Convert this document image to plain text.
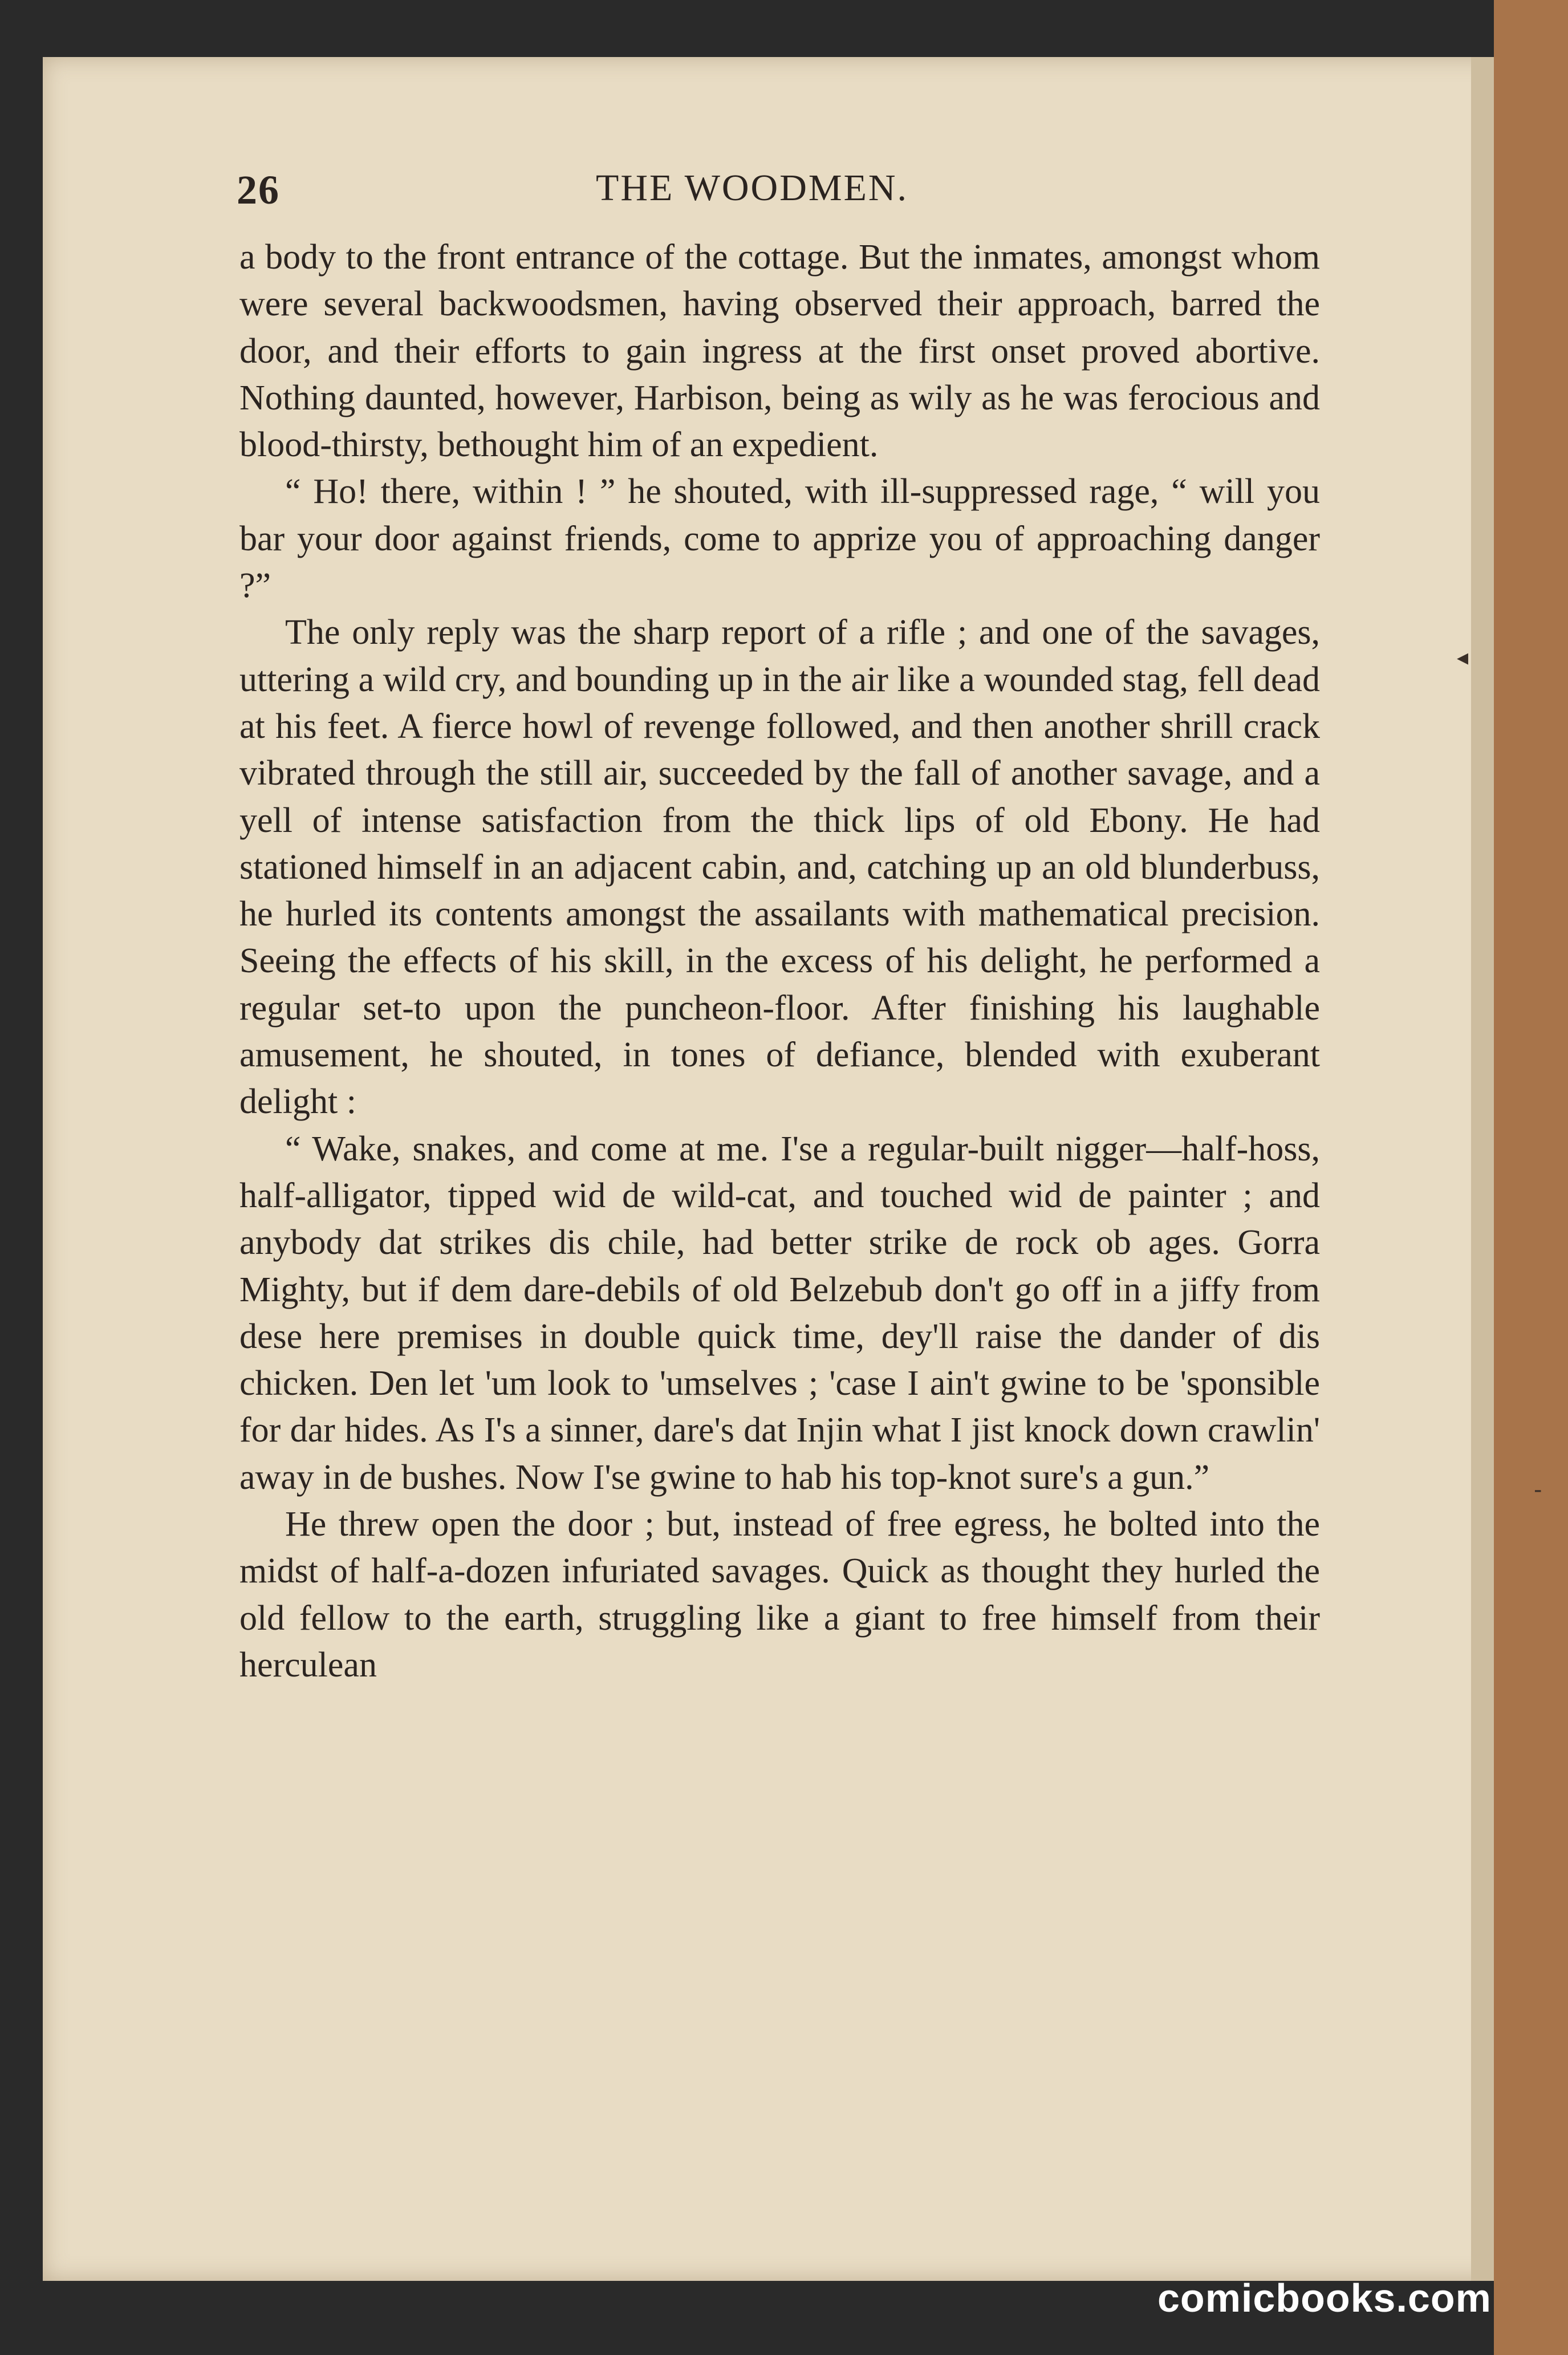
26	THE WOODMEN.

a body to the front entrance of the cottage. But the inmates, amongst whom were several backwoodsmen, having observed their approach, barred the door, and their efforts to gain ingress at the first onset proved abortive. Nothing daunted, however, Harbison, being as wily as he was ferocious and blood-thirsty, bethought him of an expedient.

“ Ho! there, within ! ” he shouted, with ill-suppressed rage, “ will you bar your door against friends, come to apprize you of approaching danger ?”

The only reply was the sharp report of a rifle ; and one of the savages, uttering a wild cry, and bounding up in the air like a wounded stag, fell dead at his feet. A fierce howl of revenge followed, and then another shrill crack vibrated through the still air, succeeded by the fall of another savage, and a yell of intense satisfaction from the thick lips of old Ebony. He had stationed himself in an adjacent cabin, and, catching up an old blunderbuss, he hurled its contents amongst the assailants with mathematical precision. Seeing the effects of his skill, in the excess of his delight, he performed a regular set-to upon the puncheon-floor. After finishing his laughable amusement, he shouted, in tones of defiance, blended with exuberant delight :

“ Wake, snakes, and come at me. I'se a regular-built nigger—half-hoss, half-alligator, tipped wid de wild-cat, and touched wid de painter ; and anybody dat strikes dis chile, had better strike de rock ob ages. Gorra Mighty, but if dem dare-debils of old Belzebub don't go off in a jiffy from dese here premises in double quick time, dey'll raise the dander of dis chicken. Den let 'um look to 'umselves ; 'case I ain't gwine to be 'sponsible for dar hides. As I's a sinner, dare's dat Injin what I jist knock down crawlin' away in de bushes. Now I'se gwine to hab his top-knot sure's a gun.”

He threw open the door ; but, instead of free egress, he bolted into the midst of half-a-dozen infuriated savages. Quick as thought they hurled the old fellow to the earth, struggling like a giant to free himself from their herculean

◂
-
comicbooks.com
